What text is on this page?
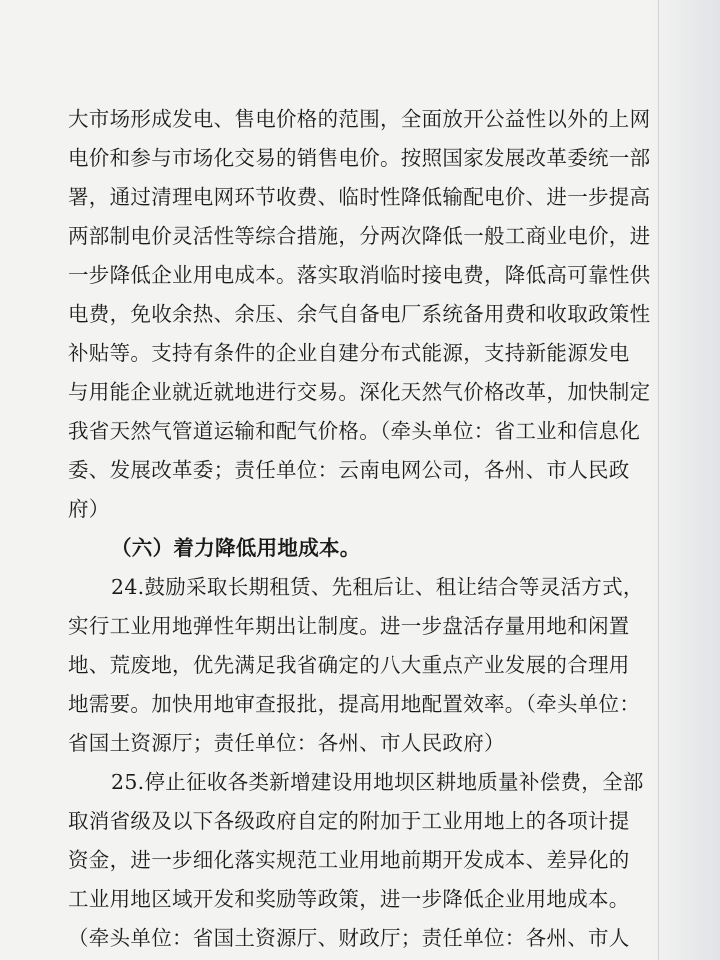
大市场形成发电、售电价格的范围，全面放开公益性以外的上网
电价和参与市场化交易的销售电价。按照国家发展改革委统一部
署，通过清理电网环节收费、临时性降低输配电价、进一步提高
两部制电价灵活性等综合措施，分两次降低一般工商业电价，进
一步降低企业用电成本。落实取消临时接电费，降低高可靠性供
电费，免收余热、余压、余气自备电厂系统备用费和收取政策性
补贴等。支持有条件的企业自建分布式能源，支持新能源发电
与用能企业就近就地进行交易。深化天然气价格改革，加快制定
我省天然气管道运输和配气价格。（牵头单位：省工业和信息化
委、发展改革委；责任单位：云南电网公司，各州、市人民政
府）
（六）着力降低用地成本。
24.鼓励采取长期租赁、先租后让、租让结合等灵活方式，
实行工业用地弹性年期出让制度。进一步盘活存量用地和闲置
地、荒废地，优先满足我省确定的八大重点产业发展的合理用
地需要。加快用地审查报批，提高用地配置效率。（牵头单位：
省国土资源厅；责任单位：各州、市人民政府）
25.停止征收各类新增建设用地坝区耕地质量补偿费，全部
取消省级及以下各级政府自定的附加于工业用地上的各项计提
资金，进一步细化落实规范工业用地前期开发成本、差异化的
工业用地区域开发和奖励等政策，进一步降低企业用地成本。
（牵头单位：省国土资源厅、财政厅；责任单位：各州、市人
